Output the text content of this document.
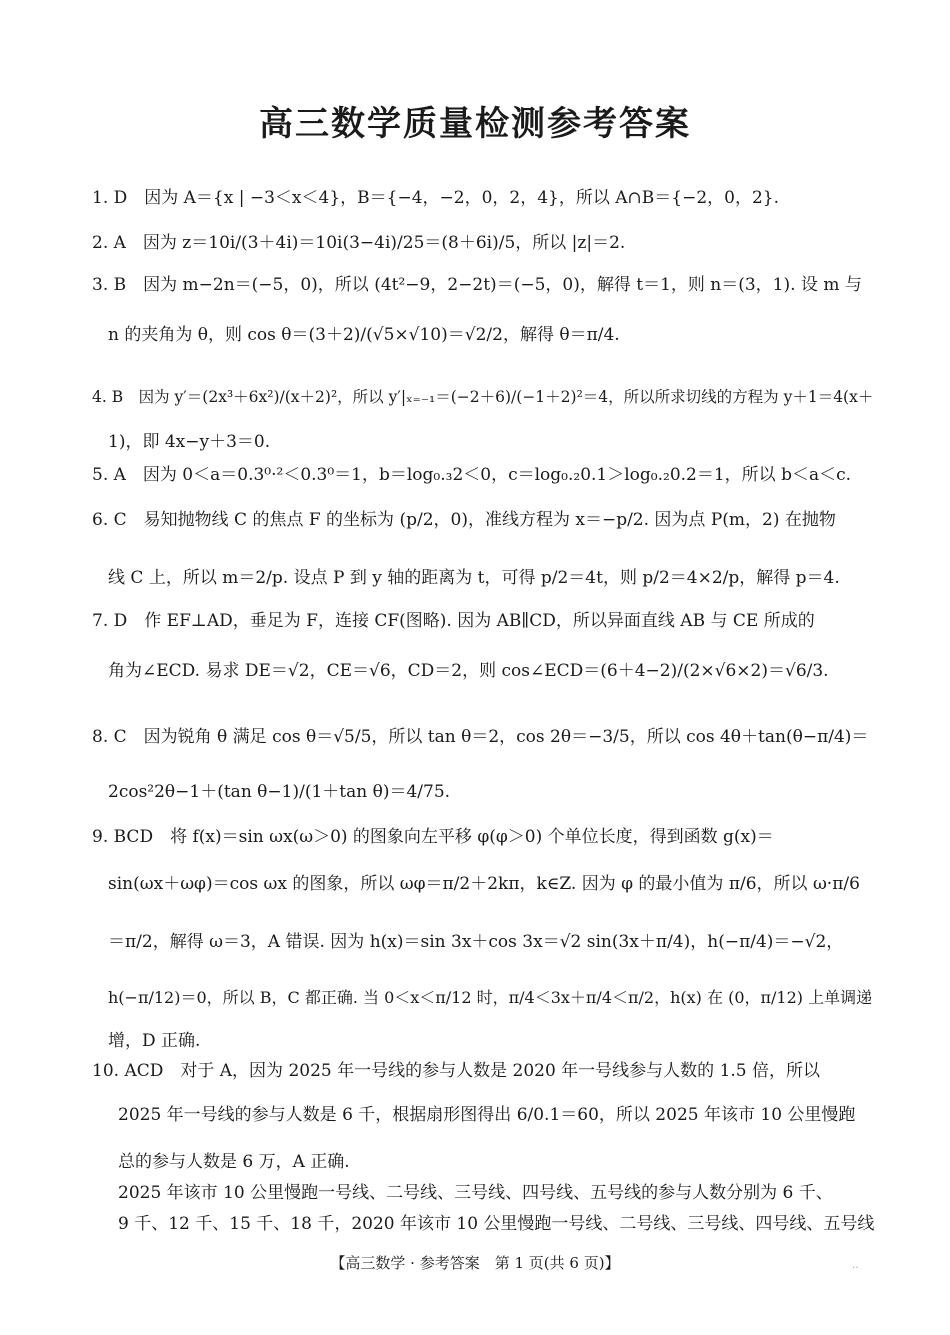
高三数学质量检测参考答案
1. D　因为 A＝{x | −3＜x＜4}，B＝{−4，−2，0，2，4}，所以 A∩B＝{−2，0，2}.
2. A　因为 z＝10i/(3＋4i)＝10i(3−4i)/25＝(8＋6i)/5，所以 |z|＝2.
3. B　因为 m−2n＝(−5，0)，所以 (4t²−9，2−2t)＝(−5，0)，解得 t＝1，则 n＝(3，1). 设 m 与
n 的夹角为 θ，则 cos θ＝(3＋2)/(√5×√10)＝√2/2，解得 θ＝π/4.
4. B　因为 y′＝(2x³＋6x²)/(x＋2)²，所以 y′|ₓ₌₋₁＝(−2＋6)/(−1＋2)²＝4，所以所求切线的方程为 y＋1＝4(x＋
1)，即 4x−y＋3＝0.
5. A　因为 0＜a＝0.3⁰·²＜0.3⁰＝1，b＝log₀.₃2＜0，c＝log₀.₂0.1＞log₀.₂0.2＝1，所以 b＜a＜c.
6. C　易知抛物线 C 的焦点 F 的坐标为 (p/2，0)，准线方程为 x＝−p/2. 因为点 P(m，2) 在抛物
线 C 上，所以 m＝2/p. 设点 P 到 y 轴的距离为 t，可得 p/2＝4t，则 p/2＝4×2/p，解得 p＝4.
7. D　作 EF⊥AD，垂足为 F，连接 CF(图略). 因为 AB∥CD，所以异面直线 AB 与 CE 所成的
角为∠ECD. 易求 DE＝√2，CE＝√6，CD＝2，则 cos∠ECD＝(6＋4−2)/(2×√6×2)＝√6/3.
8. C　因为锐角 θ 满足 cos θ＝√5/5，所以 tan θ＝2，cos 2θ＝−3/5，所以 cos 4θ＋tan(θ−π/4)＝
2cos²2θ−1＋(tan θ−1)/(1＋tan θ)＝4/75.
9. BCD　将 f(x)＝sin ωx(ω＞0) 的图象向左平移 φ(φ＞0) 个单位长度，得到函数 g(x)＝
sin(ωx＋ωφ)＝cos ωx 的图象，所以 ωφ＝π/2＋2kπ，k∈Z. 因为 φ 的最小值为 π/6，所以 ω·π/6
＝π/2，解得 ω＝3，A 错误. 因为 h(x)＝sin 3x＋cos 3x＝√2 sin(3x＋π/4)，h(−π/4)＝−√2，
h(−π/12)＝0，所以 B，C 都正确. 当 0＜x＜π/12 时，π/4＜3x＋π/4＜π/2，h(x) 在 (0，π/12) 上单调递
增，D 正确.
10. ACD　对于 A，因为 2025 年一号线的参与人数是 2020 年一号线参与人数的 1.5 倍，所以
2025 年一号线的参与人数是 6 千，根据扇形图得出 6/0.1＝60，所以 2025 年该市 10 公里慢跑
总的参与人数是 6 万，A 正确.
2025 年该市 10 公里慢跑一号线、二号线、三号线、四号线、五号线的参与人数分别为 6 千、
9 千、12 千、15 千、18 千，2020 年该市 10 公里慢跑一号线、二号线、三号线、四号线、五号线
【高三数学 · 参考答案　第 1 页(共 6 页)】	‥
